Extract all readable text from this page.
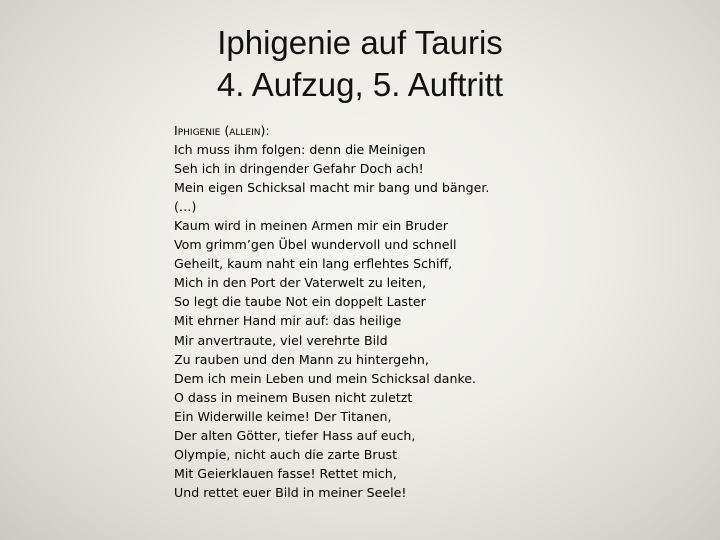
Iphigenie auf Tauris
4. Aufzug, 5. Auftritt
Iphigenie (allein):
Ich muss ihm folgen: denn die Meinigen
Seh ich in dringender Gefahr Doch ach!
Mein eigen Schicksal macht mir bang und bänger.
(…)
Kaum wird in meinen Armen mir ein Bruder
Vom grimm’gen Übel wundervoll und schnell
Geheilt, kaum naht ein lang erflehtes Schiff,
Mich in den Port der Vaterwelt zu leiten,
So legt die taube Not ein doppelt Laster
Mit ehrner Hand mir auf: das heilige
Mir anvertraute, viel verehrte Bild
Zu rauben und den Mann zu hintergehn,
Dem ich mein Leben und mein Schicksal danke.
O dass in meinem Busen nicht zuletzt
Ein Widerwille keime! Der Titanen,
Der alten Götter, tiefer Hass auf euch,
Olympie, nicht auch die zarte Brust
Mit Geierklauen fasse! Rettet mich,
Und rettet euer Bild in meiner Seele!
